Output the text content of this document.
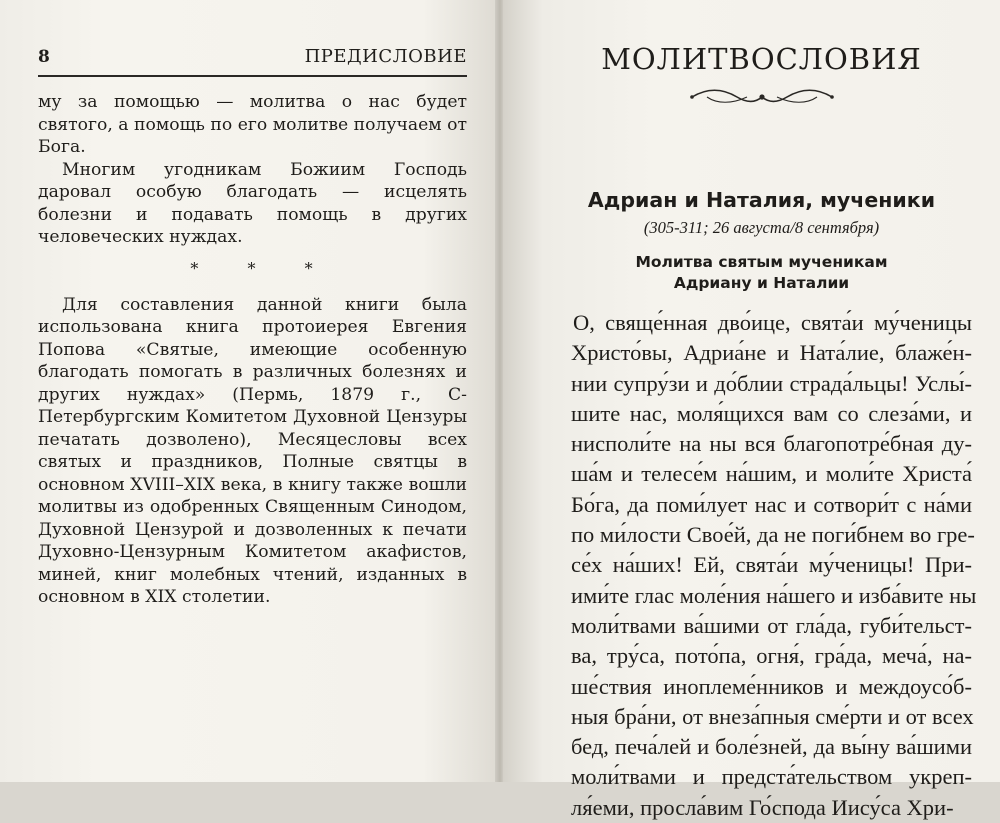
8	ПРЕДИСЛОВИЕ

му за помощью — молитва о нас будет святого, а помощь по его молитве получаем от Бога.

Многим угодникам Божиим Господь даровал особую благодать — исцелять болезни и подавать помощь в других человеческих нуждах.

* * *

Для составления данной книги была использована книга протоиерея Евгения Попова «Святые, имеющие особенную благодать помогать в различных болезнях и других нуждах» (Пермь, 1879 г., С-Петербургским Комитетом Духовной Цензуры печатать дозволено), Месяцесловы всех святых и праздников, Полные святцы в основном XVIII–XIX века, в книгу также вошли молитвы из одобренных Священным Синодом, Духовной Цензурой и дозволенных к печати Духовно-Цензурным Комитетом акафистов, миней, книг молебных чтений, изданных в основном в XIX столетии.

МОЛИТВОСЛОВИЯ
Адриан и Наталия, мученики
(305-311; 26 августа/8 сентября)
Молитва святым мученикам
Адриану и Наталии
О, свяще́нная дво́ице, свята́и му́ченицы
Христо́вы, Адриа́не и Ната́лие, блаже́н-
нии супру́зи и до́блии страда́льцы! Услы́-
шите нас, моля́щихся вам со слеза́ми, и
нисполи́те на ны вся благопотре́бная ду-
ша́м и телесе́м на́шим, и моли́те Христа́
Бо́га, да поми́лует нас и сотвори́т с на́ми
по ми́лости Свое́й, да не поги́бнем во гре-
се́х на́ших! Ей, свята́и му́ченицы! При-
ими́те глас моле́ния на́шего и изба́вите ны
моли́твами ва́шими от гла́да, губи́тельст-
ва, тру́са, пото́па, огня́, гра́да, меча́, на-
ше́ствия иноплеме́нников и междоусо́б-
ныя бра́ни, от внеза́пныя сме́рти и от всех
бед, печа́лей и боле́зней, да вы́ну ва́шими
моли́твами и предста́тельством укреп-
ля́еми, просла́вим Го́спода Иису́са Хри-
